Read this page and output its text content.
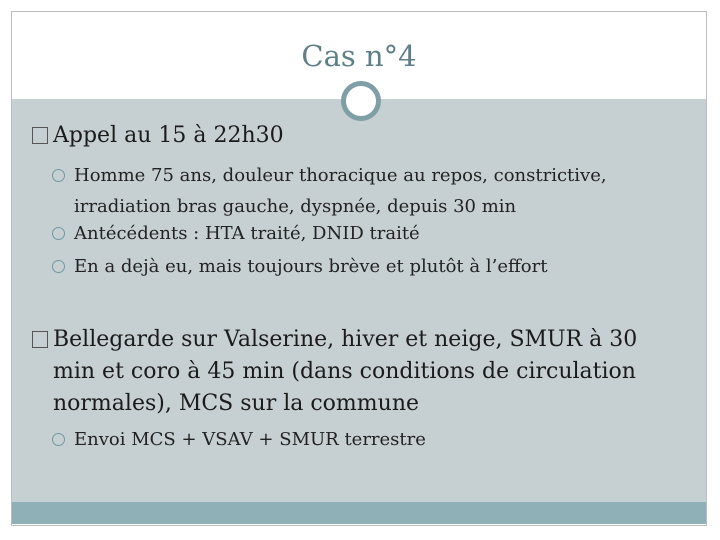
Cas n°4
Appel au 15 à 22h30
Homme 75 ans, douleur thoracique au repos, constrictive,
irradiation bras gauche, dyspnée, depuis 30 min
Antécédents : HTA traité, DNID traité
En a dejà eu, mais toujours brève et plutôt à l’effort
Bellegarde sur Valserine, hiver et neige, SMUR à 30
min et coro à 45 min (dans conditions de circulation
normales), MCS sur la commune
Envoi MCS + VSAV + SMUR terrestre
